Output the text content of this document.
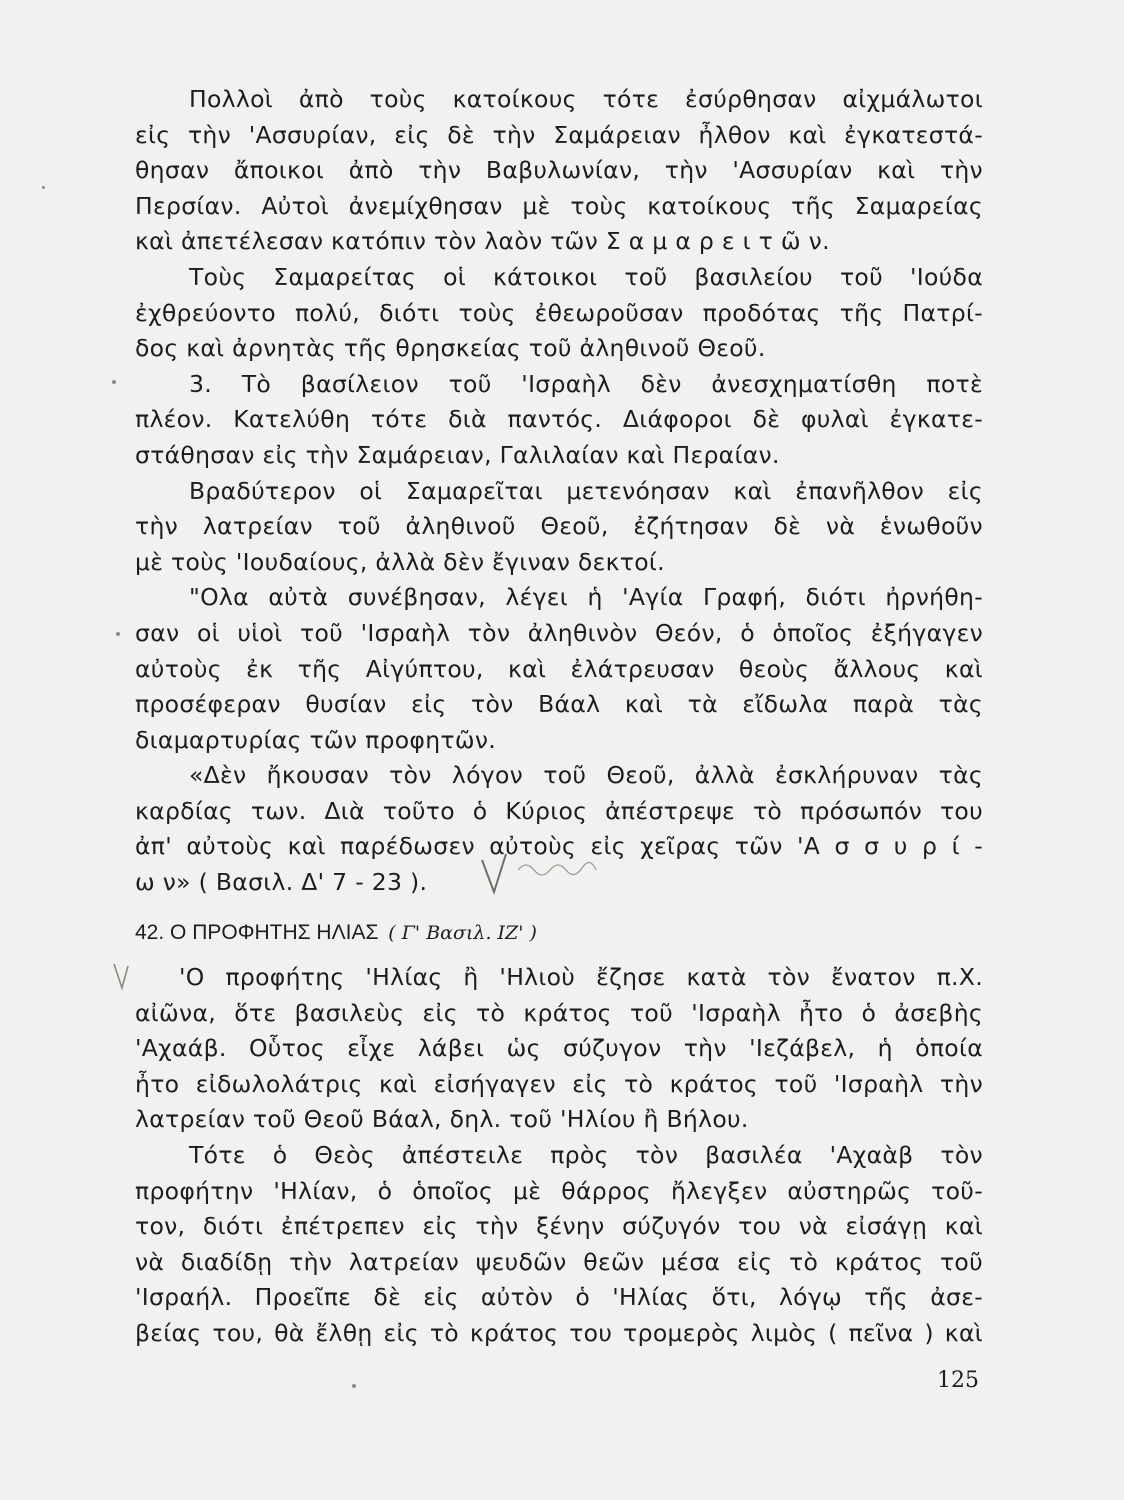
Πολλοὶ ἀπὸ τοὺς κατοίκους τότε ἐσύρθησαν αἰχμάλωτοι
εἰς τὴν 'Ασσυρίαν, εἰς δὲ τὴν Σαμάρειαν ἦλθον καὶ ἐγκατεστά-
θησαν ἄποικοι ἀπὸ τὴν Βαβυλωνίαν, τὴν 'Ασσυρίαν καὶ τὴν
Περσίαν. Αὐτοὶ ἀνεμίχθησαν μὲ τοὺς κατοίκους τῆς Σαμαρείας
καὶ ἀπετέλεσαν κατόπιν τὸν λαὸν τῶν Σ α μ α ρ ε ι τ ῶ ν.
Τοὺς Σαμαρείτας οἱ κάτοικοι τοῦ βασιλείου τοῦ 'Ιούδα
ἐχθρεύοντο πολύ, διότι τοὺς ἐθεωροῦσαν προδότας τῆς Πατρί-
δος καὶ ἀρνητὰς τῆς θρησκείας τοῦ ἀληθινοῦ Θεοῦ.
3. Τὸ βασίλειον τοῦ 'Ισραὴλ δὲν ἀνεσχηματίσθη ποτὲ
πλέον. Κατελύθη τότε διὰ παντός. Διάφοροι δὲ φυλαὶ ἐγκατε-
στάθησαν εἰς τὴν Σαμάρειαν, Γαλιλαίαν καὶ Περαίαν.
Βραδύτερον οἱ Σαμαρεῖται μετενόησαν καὶ ἐπανῆλθον εἰς
τὴν λατρείαν τοῦ ἀληθινοῦ Θεοῦ, ἐζήτησαν δὲ νὰ ἑνωθοῦν
μὲ τοὺς 'Ιουδαίους, ἀλλὰ δὲν ἔγιναν δεκτοί.
"Ολα αὐτὰ συνέβησαν, λέγει ἡ 'Αγία Γραφή, διότι ἠρνήθη-
σαν οἱ υἱοὶ τοῦ 'Ισραὴλ τὸν ἀληθινὸν Θεόν, ὁ ὁποῖος ἐξήγαγεν
αὐτοὺς ἐκ τῆς Αἰγύπτου, καὶ ἐλάτρευσαν θεοὺς ἄλλους καὶ
προσέφεραν θυσίαν εἰς τὸν Βάαλ καὶ τὰ εἴδωλα παρὰ τὰς
διαμαρτυρίας τῶν προφητῶν.
«Δὲν ἤκουσαν τὸν λόγον τοῦ Θεοῦ, ἀλλὰ ἐσκλήρυναν τὰς
καρδίας των. Διὰ τοῦτο ὁ Κύριος ἀπέστρεψε τὸ πρόσωπόν του
ἀπ' αὐτοὺς καὶ παρέδωσεν αὐτοὺς εἰς χεῖρας τῶν 'Α σ σ υ ρ ί -
ω ν» ( Βασιλ. Δ' 7 - 23 ).
42. Ο ΠΡΟΦΗΤΗΣ ΗΛΙΑΣ ( Γ' Βασιλ. ΙΖ' )
'Ο προφήτης 'Ηλίας ἢ 'Ηλιοὺ ἔζησε κατὰ τὸν ἔνατον π.Χ.
αἰῶνα, ὅτε βασιλεὺς εἰς τὸ κράτος τοῦ 'Ισραὴλ ἦτο ὁ ἀσεβὴς
'Αχαάβ. Οὗτος εἶχε λάβει ὡς σύζυγον τὴν 'Ιεζάβελ, ἡ ὁποία
ἦτο εἰδωλολάτρις καὶ εἰσήγαγεν εἰς τὸ κράτος τοῦ 'Ισραὴλ τὴν
λατρείαν τοῦ Θεοῦ Βάαλ, δηλ. τοῦ 'Ηλίου ἢ Βήλου.
Τότε ὁ Θεὸς ἀπέστειλε πρὸς τὸν βασιλέα 'Αχαὰβ τὸν
προφήτην 'Ηλίαν, ὁ ὁποῖος μὲ θάρρος ἤλεγξεν αὐστηρῶς τοῦ-
τον, διότι ἐπέτρεπεν εἰς τὴν ξένην σύζυγόν του νὰ εἰσάγῃ καὶ
νὰ διαδίδῃ τὴν λατρείαν ψευδῶν θεῶν μέσα εἰς τὸ κράτος τοῦ
'Ισραήλ. Προεῖπε δὲ εἰς αὐτὸν ὁ 'Ηλίας ὅτι, λόγῳ τῆς ἀσε-
βείας του, θὰ ἔλθῃ εἰς τὸ κράτος του τρομερὸς λιμὸς ( πεῖνα ) καὶ
125
